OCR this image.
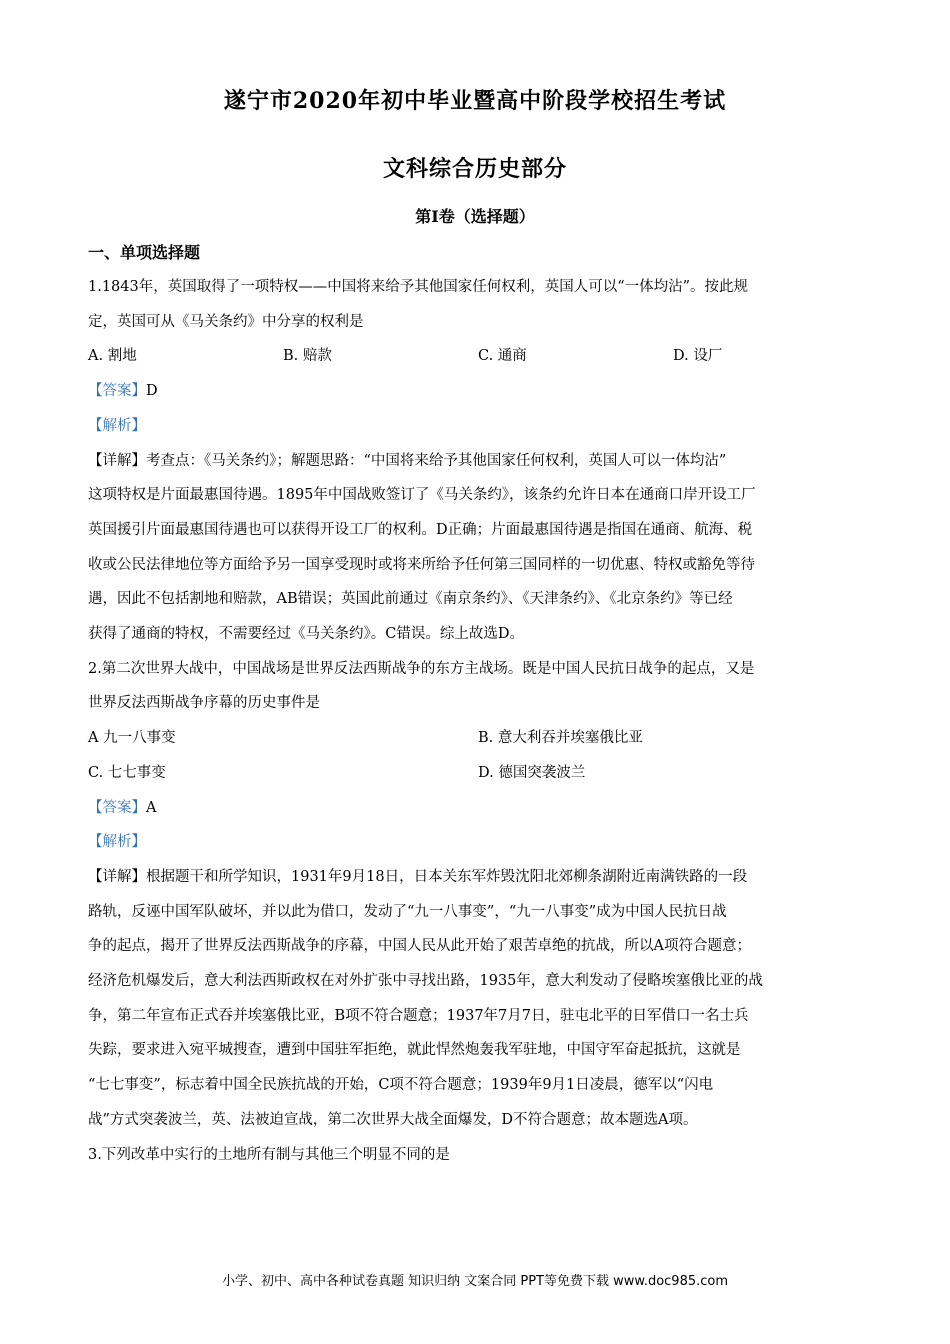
遂宁市2020年初中毕业暨高中阶段学校招生考试
文科综合历史部分
第Ⅰ卷（选择题）
一、单项选择题

1.1843年，英国取得了一项特权——中国将来给予其他国家任何权利，英国人可以“一体均沾”。按此规

定，英国可从《马关条约》中分享的权利是

A. 割地	B. 赔款	C. 通商	D. 设厂

【答案】D

【解析】

【详解】考查点：《马关条约》；解题思路：“中国将来给予其他国家任何权利，英国人可以一体均沾”

这项特权是片面最惠国待遇。1895年中国战败签订了《马关条约》，该条约允许日本在通商口岸开设工厂

英国援引片面最惠国待遇也可以获得开设工厂的权利。D正确；片面最惠国待遇是指国在通商、航海、税

收或公民法律地位等方面给予另一国享受现时或将来所给予任何第三国同样的一切优惠、特权或豁免等待

遇，因此不包括割地和赔款，AB错误；英国此前通过《南京条约》、《天津条约》、《北京条约》等已经

获得了通商的特权，不需要经过《马关条约》。C错误。综上故选D。

2.第二次世界大战中，中国战场是世界反法西斯战争的东方主战场。既是中国人民抗日战争的起点，又是

世界反法西斯战争序幕的历史事件是

A 九一八事变	B. 意大利吞并埃塞俄比亚
C. 七七事变	D. 德国突袭波兰

【答案】A

【解析】

【详解】根据题干和所学知识，1931年9月18日，日本关东军炸毁沈阳北郊柳条湖附近南满铁路的一段

路轨，反诬中国军队破坏，并以此为借口，发动了“九一八事变”，“九一八事变”成为中国人民抗日战

争的起点，揭开了世界反法西斯战争的序幕，中国人民从此开始了艰苦卓绝的抗战，所以A项符合题意；

经济危机爆发后，意大利法西斯政权在对外扩张中寻找出路，1935年，意大利发动了侵略埃塞俄比亚的战

争，第二年宣布正式吞并埃塞俄比亚，B项不符合题意；1937年7月7日，驻屯北平的日军借口一名士兵

失踪，要求进入宛平城搜查，遭到中国驻军拒绝，就此悍然炮轰我军驻地，中国守军奋起抵抗，这就是

“七七事变”，标志着中国全民族抗战的开始，C项不符合题意；1939年9月1日凌晨，德军以“闪电

战”方式突袭波兰，英、法被迫宣战，第二次世界大战全面爆发，D不符合题意；故本题选A项。

3.下列改革中实行的土地所有制与其他三个明显不同的是

小学、初中、高中各种试卷真题 知识归纳 文案合同 PPT等免费下载 www.doc985.com
